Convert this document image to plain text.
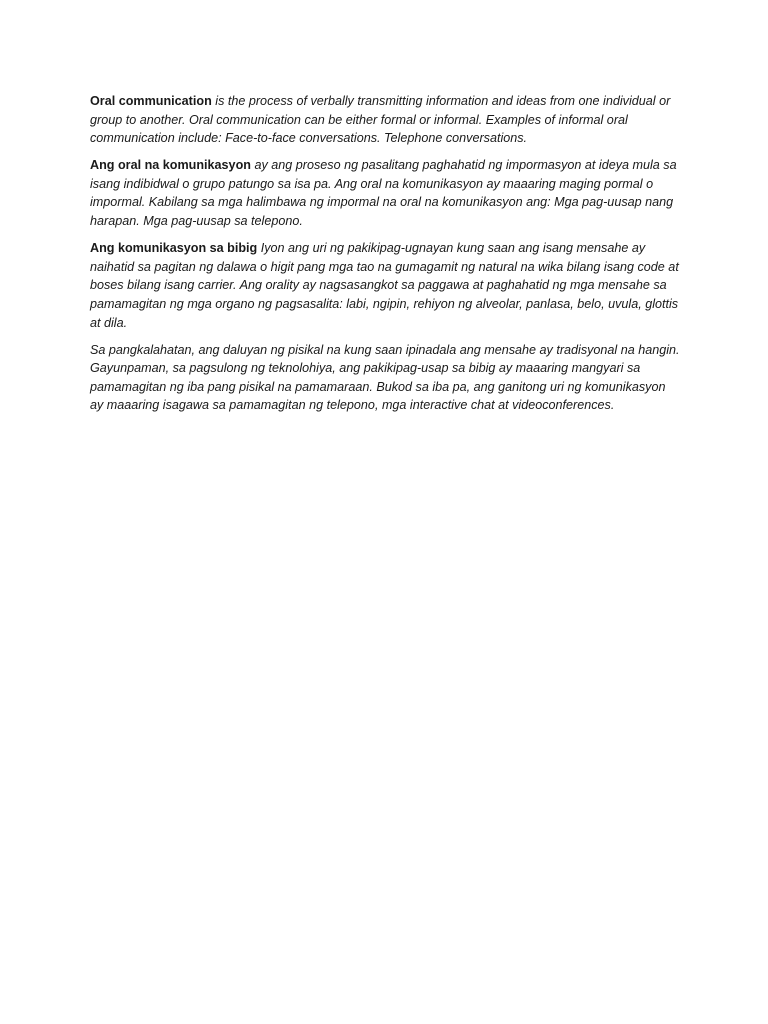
Oral communication is the process of verbally transmitting information and ideas from one individual or group to another. Oral communication can be either formal or informal. Examples of informal oral communication include: Face-to-face conversations. Telephone conversations.

Ang oral na komunikasyon ay ang proseso ng pasalitang paghahatid ng impormasyon at ideya mula sa isang indibidwal o grupo patungo sa isa pa. Ang oral na komunikasyon ay maaaring maging pormal o impormal. Kabilang sa mga halimbawa ng impormal na oral na komunikasyon ang: Mga pag-uusap nang harapan. Mga pag-uusap sa telepono.

Ang komunikasyon sa bibig Iyon ang uri ng pakikipag-ugnayan kung saan ang isang mensahe ay naihatid sa pagitan ng dalawa o higit pang mga tao na gumagamit ng natural na wika bilang isang code at boses bilang isang carrier. Ang orality ay nagsasangkot sa paggawa at paghahatid ng mga mensahe sa pamamagitan ng mga organo ng pagsasalita: labi, ngipin, rehiyon ng alveolar, panlasa, belo, uvula, glottis at dila.

Sa pangkalahatan, ang daluyan ng pisikal na kung saan ipinadala ang mensahe ay tradisyonal na hangin. Gayunpaman, sa pagsulong ng teknolohiya, ang pakikipag-usap sa bibig ay maaaring mangyari sa pamamagitan ng iba pang pisikal na pamamaraan. Bukod sa iba pa, ang ganitong uri ng komunikasyon ay maaaring isagawa sa pamamagitan ng telepono, mga interactive chat at videoconferences.
